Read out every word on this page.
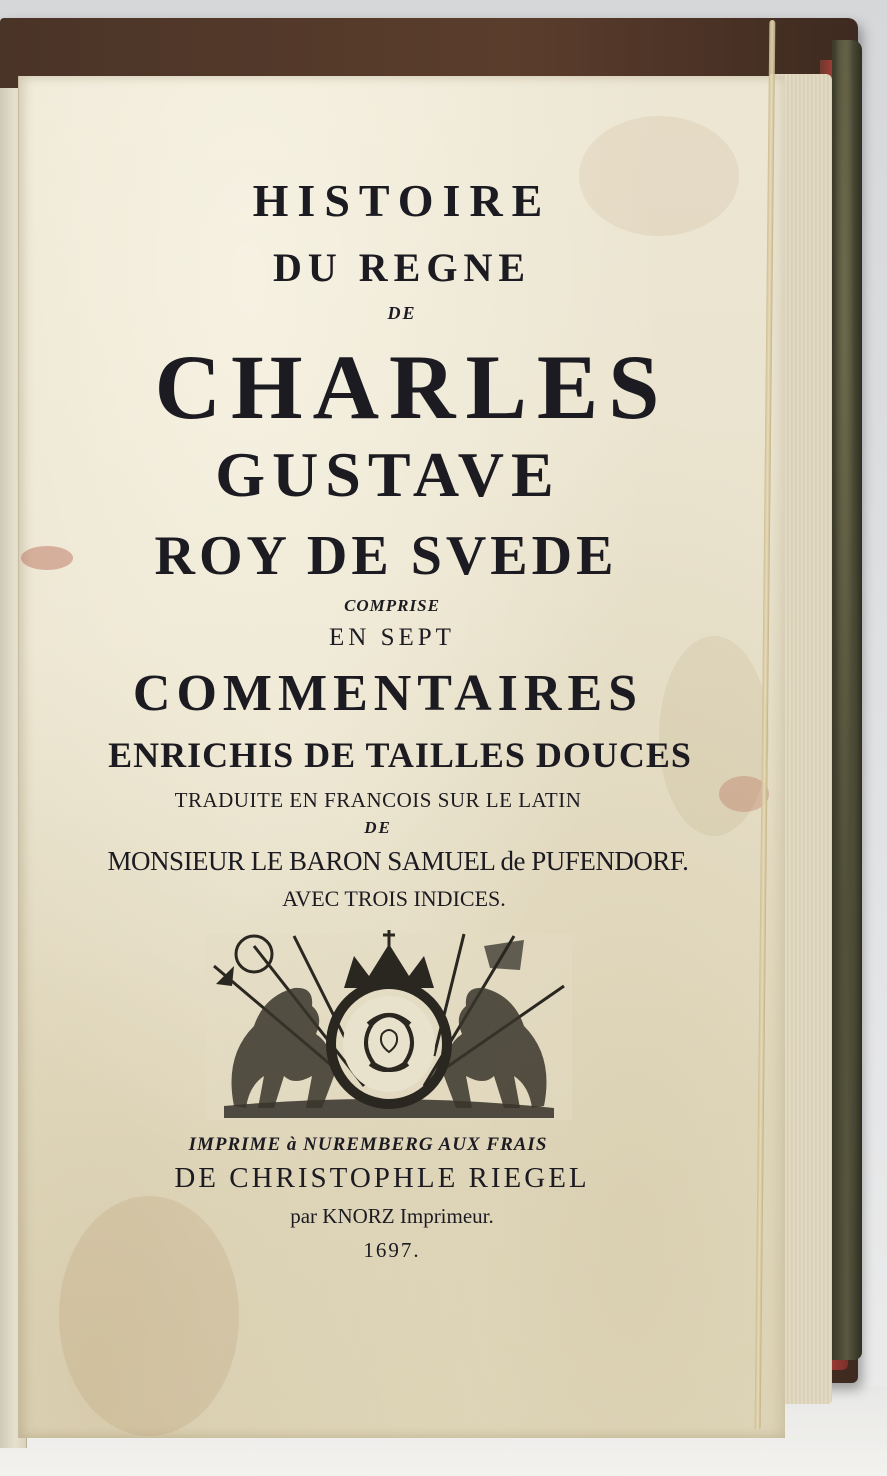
HISTOIRE
DU REGNE
DE
CHARLES
GUSTAVE
ROY DE SVEDE
COMPRISE
EN SEPT
COMMENTAIRES
ENRICHIS DE TAILLES DOUCES
TRADUITE EN FRANCOIS SUR LE LATIN
DE
MONSIEUR LE BARON SAMUEL de PUFENDORF.
AVEC TROIS INDICES.
IMPRIME à NUREMBERG AUX FRAIS
DE CHRISTOPHLE RIEGEL
par KNORZ Imprimeur.
1697.
